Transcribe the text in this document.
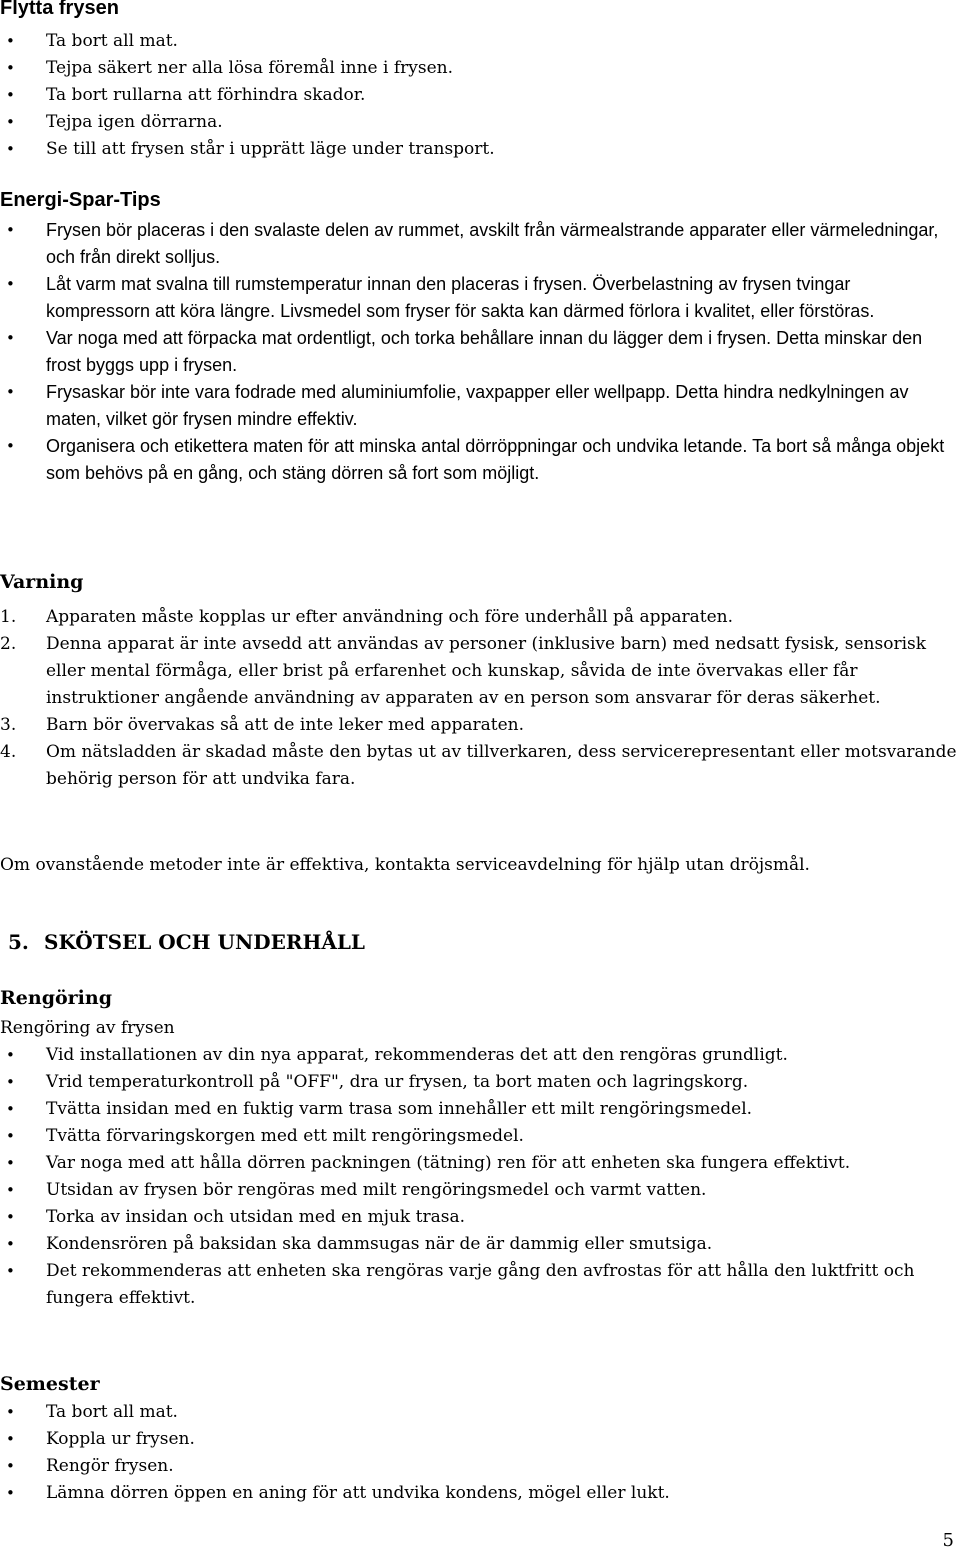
Flytta frysen
• Ta bort all mat.
• Tejpa säkert ner alla lösa föremål inne i frysen.
• Ta bort rullarna att förhindra skador.
• Tejpa igen dörrarna.
• Se till att frysen står i upprätt läge under transport.
Energi-Spar-Tips
• Frysen bör placeras i den svalaste delen av rummet, avskilt från värmealstrande apparater eller värmeledningar, och från direkt solljus.
• Låt varm mat svalna till rumstemperatur innan den placeras i frysen. Överbelastning av frysen tvingar kompressorn att köra längre. Livsmedel som fryser för sakta kan därmed förlora i kvalitet, eller förstöras.
• Var noga med att förpacka mat ordentligt, och torka behållare innan du lägger dem i frysen. Detta minskar den frost byggs upp i frysen.
• Frysaskar bör inte vara fodrade med aluminiumfolie, vaxpapper eller wellpapp. Detta hindra nedkylningen av maten, vilket gör frysen mindre effektiv.
• Organisera och etikettera maten för att minska antal dörröppningar och undvika letande. Ta bort så många objekt som behövs på en gång, och stäng dörren så fort som möjligt.
Varning
1. Apparaten måste kopplas ur efter användning och före underhåll på apparaten.
2. Denna apparat är inte avsedd att användas av personer (inklusive barn) med nedsatt fysisk, sensorisk eller mental förmåga, eller brist på erfarenhet och kunskap, såvida de inte övervakas eller får instruktioner angående användning av apparaten av en person som ansvarar för deras säkerhet.
3. Barn bör övervakas så att de inte leker med apparaten.
4. Om nätsladden är skadad måste den bytas ut av tillverkaren, dess servicerepresentant eller motsvarande behörig person för att undvika fara.

Om ovanstående metoder inte är effektiva, kontakta serviceavdelning för hjälp utan dröjsmål.

5. SKÖTSEL OCH UNDERHÅLL
Rengöring

Rengöring av frysen

• Vid installationen av din nya apparat, rekommenderas det att den rengöras grundligt.
• Vrid temperaturkontroll på "OFF", dra ur frysen, ta bort maten och lagringskorg.
• Tvätta insidan med en fuktig varm trasa som innehåller ett milt rengöringsmedel.
• Tvätta förvaringskorgen med ett milt rengöringsmedel.
• Var noga med att hålla dörren packningen (tätning) ren för att enheten ska fungera effektivt.
• Utsidan av frysen bör rengöras med milt rengöringsmedel och varmt vatten.
• Torka av insidan och utsidan med en mjuk trasa.
• Kondensrören på baksidan ska dammsugas när de är dammig eller smutsiga.
• Det rekommenderas att enheten ska rengöras varje gång den avfrostas för att hålla den luktfritt och fungera effektivt.
Semester
• Ta bort all mat.
• Koppla ur frysen.
• Rengör frysen.
• Lämna dörren öppen en aning för att undvika kondens, mögel eller lukt.
5
